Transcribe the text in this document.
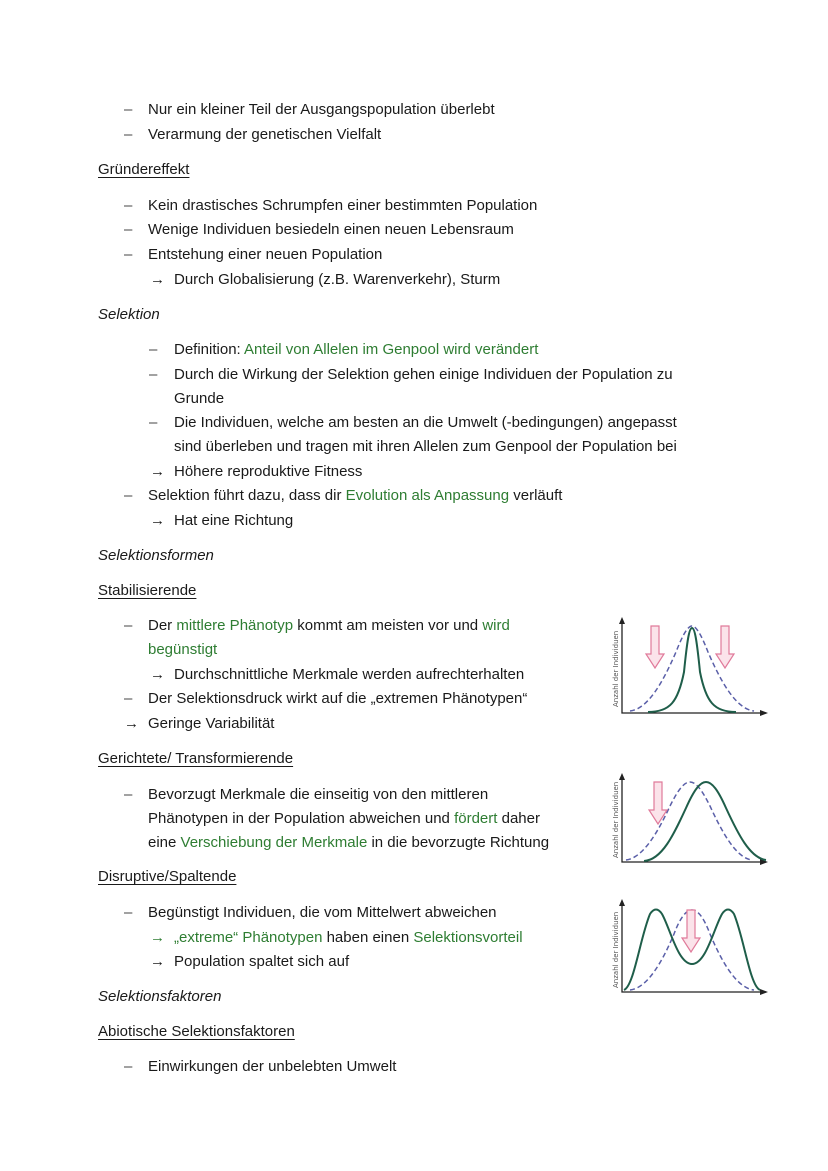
– Nur ein kleiner Teil der Ausgangspopulation überlebt
– Verarmung der genetischen Vielfalt
Gründereffekt
– Kein drastisches Schrumpfen einer bestimmten Population
– Wenige Individuen besiedeln einen neuen Lebensraum
– Entstehung einer neuen Population
→ Durch Globalisierung (z.B. Warenverkehr), Sturm
Selektion
– Definition: Anteil von Allelen im Genpool wird verändert
– Durch die Wirkung der Selektion gehen einige Individuen der Population zu
Grunde
– Die Individuen, welche am besten an die Umwelt (-bedingungen) angepasst
sind überleben und tragen mit ihren Allelen zum Genpool der Population bei
→ Höhere reproduktive Fitness
– Selektion führt dazu, dass dir Evolution als Anpassung verläuft
→ Hat eine Richtung
Selektionsformen
Stabilisierende
– Der mittlere Phänotyp kommt am meisten vor und wird
begünstigt
→ Durchschnittliche Merkmale werden aufrechterhalten
– Der Selektionsdruck wirkt auf die „extremen Phänotypen“
→ Geringe Variabilität
Gerichtete/ Transformierende
– Bevorzugt Merkmale die einseitig von den mittleren
Phänotypen in der Population abweichen und fördert daher
eine Verschiebung der Merkmale in die bevorzugte Richtung
Disruptive/Spaltende
– Begünstigt Individuen, die vom Mittelwert abweichen
→ „extreme“ Phänotypen haben einen Selektionsvorteil
→ Population spaltet sich auf
Selektionsfaktoren
Abiotische Selektionsfaktoren
– Einwirkungen der unbelebten Umwelt
Anzahl der Individuen
Anzahl der Individuen
Anzahl der Individuen
